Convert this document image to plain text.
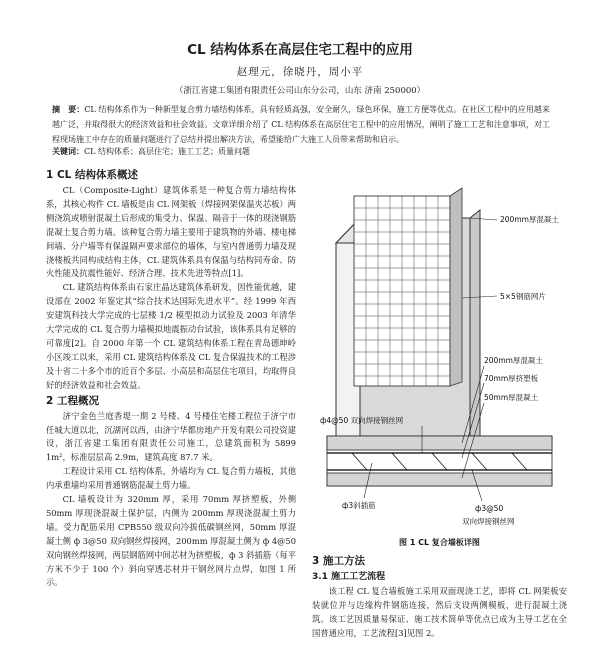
CL 结构体系在高层住宅工程中的应用
赵理元，徐晓丹，周小平
（浙江省建工集团有限责任公司山东分公司，山东 济南 250000）
摘　要：CL 结构体系作为一种新型复合剪力墙结构体系，具有轻质高强，安全耐久，绿色环保，施工方便等优点。在社区工程中的应用越来越广泛，并取得很大的经济效益和社会效益。文章详细介绍了 CL 结构体系在高层住宅工程中的应用情况，阐明了施工工艺和注意事项，对工程现场施工中存在的质量问题进行了总结并提出解决方法，希望能给广大施工人员带来帮助和启示。
关键词：CL 结构体系；高层住宅；施工工艺；质量问题

1 CL 结构体系概述

CL（Composite-Light）建筑体系是一种复合剪力墙结构体系，其核心构件 CL 墙板是由 CL 网架板（焊接网架保温夹芯板）两侧浇筑或喷射混凝土后形成的集受力、保温、隔音于一体的现浇钢筋混凝土复合剪力墙。该种复合剪力墙主要用于建筑物的外墙、楼电梯间墙、分户墙等有保温隔声要求部位的墙体，与室内普通剪力墙及现浇楼板共同构成结构主体，CL 建筑体系具有保温与结构同寿命、防火性能及抗震性能好、经济合理、技术先进等特点[1]。

CL 建筑结构体系由石家庄晶达建筑体系研发，因性能优越，建设部在 2002 年鉴定其“综合技术达国际先进水平”。经 1999 年西安建筑科技大学完成的七层楼 1/2 模型拟动力试验及 2003 年清华大学完成的 CL 复合剪力墙模拟地震振动台试验，该体系具有足够的可靠度[2]。自 2000 年第一个 CL 建筑结构体系工程在青岛德坤岭小区竣工以来，采用 CL 建筑结构体系及 CL 复合保温技术的工程涉及十省二十多个市的近百个多层、小高层和高层住宅项目，均取得良好的经济效益和社会效益。

2 工程概况

济宁金色兰庭香堤一期 2 号楼、4 号楼住宅楼工程位于济宁市任城大道以北，沉湖河以西，由济宁华都房地产开发有限公司投资建设，浙江省建工集团有限责任公司施工，总建筑面积为 5899 1m²，标准层层高 2.9m，建筑高度 87.7 米。

工程设计采用 CL 结构体系，外墙均为 CL 复合剪力墙板，其他内承重墙均采用普通钢筋混凝土剪力墙。

CL 墙板设计为 320mm 厚，采用 70mm 厚挤塑板，外侧 50mm 厚现浇混凝土保护层，内侧为 200mm 厚现浇混凝土剪力墙。受力配筋采用 CPB550 级双向冷拔低碳钢丝网，50mm 厚混凝土侧 ф 3@50 双向钢丝焊接网，200mm 厚混凝土侧为 ф 4@50 双向钢丝焊接网，两层钢筋网中间芯材为挤塑板，ф 3 斜插筋（每平方米不少于 100 个）斜向穿透芯材并干钢丝网片点焊，如图 1 所示。

200mm厚混凝土
5×5钢筋网片
200mm厚混凝土
70mm厚挤塑板
50mm厚混凝土
ф4@50 双向焊接钢丝网
ф3斜插筋	ф3@50
双向焊接钢丝网
图 1 CL 复合墙板详图

3 施工方法

3.1 施工工艺流程

该工程 CL 复合墙板施工采用双面现浇工艺，即将 CL 网架板安装就位并与边缘构件钢筋连接，然后支设两侧模板，进行混凝土浇筑。该工艺因质量易保证、施工技术简单等优点已成为主导工艺在全国普通应用，工艺流程[3]见图 2。
